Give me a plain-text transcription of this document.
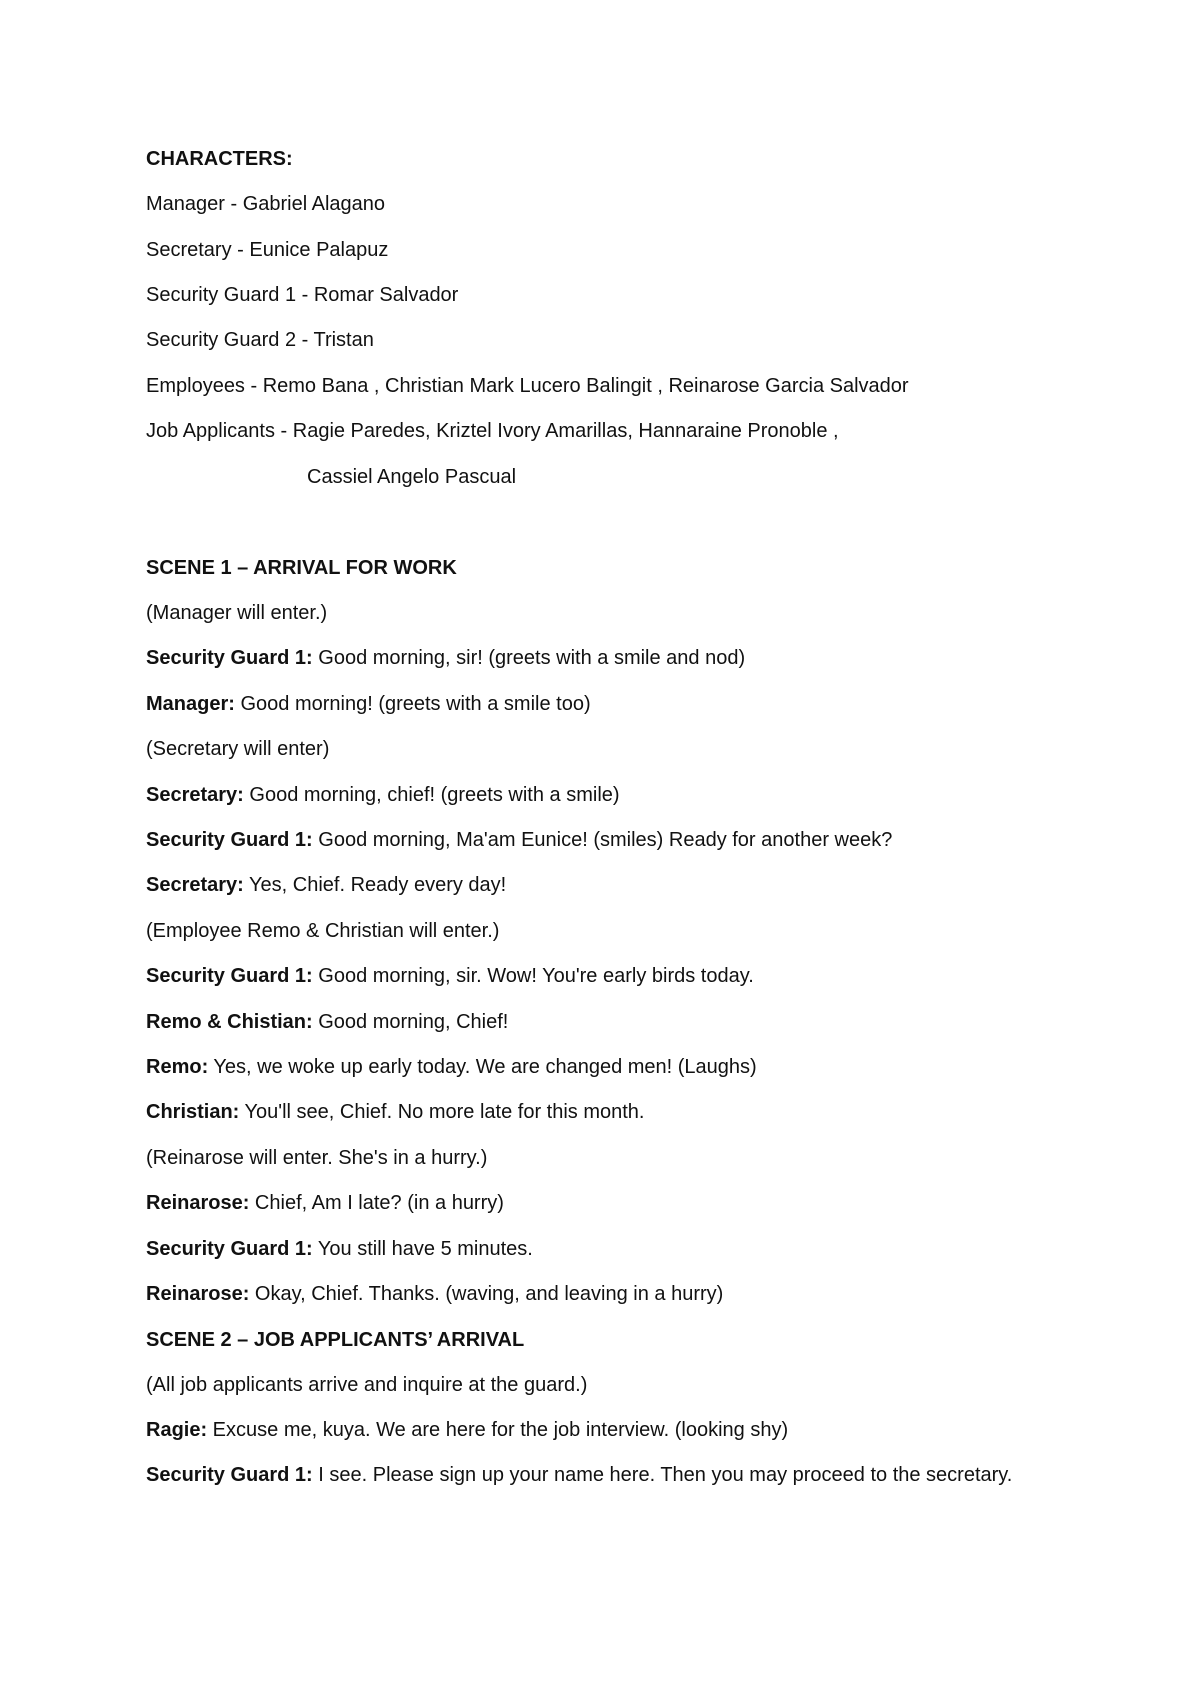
CHARACTERS:
Manager - Gabriel Alagano
Secretary - Eunice Palapuz
Security Guard 1 - Romar Salvador
Security Guard 2 - Tristan
Employees - Remo Bana , Christian Mark Lucero Balingit , Reinarose Garcia Salvador
Job Applicants - Ragie Paredes, Kriztel Ivory Amarillas, Hannaraine Pronoble ,
Cassiel Angelo Pascual
SCENE 1 – ARRIVAL FOR WORK
(Manager will enter.)
Security Guard 1: Good morning, sir! (greets with a smile and nod)
Manager: Good morning! (greets with a smile too)
(Secretary will enter)
Secretary: Good morning, chief! (greets with a smile)
Security Guard 1: Good morning, Ma'am Eunice! (smiles) Ready for another week?
Secretary: Yes, Chief. Ready every day!
(Employee Remo & Christian will enter.)
Security Guard 1: Good morning, sir. Wow! You're early birds today.
Remo & Chistian: Good morning, Chief!
Remo: Yes, we woke up early today. We are changed men! (Laughs)
Christian: You'll see, Chief. No more late for this month.
(Reinarose will enter. She's in a hurry.)
Reinarose: Chief, Am I late? (in a hurry)
Security Guard 1: You still have 5 minutes.
Reinarose: Okay, Chief. Thanks. (waving, and leaving in a hurry)
SCENE 2 – JOB APPLICANTS’ ARRIVAL
(All job applicants arrive and inquire at the guard.)
Ragie: Excuse me, kuya. We are here for the job interview. (looking shy)
Security Guard 1: I see. Please sign up your name here. Then you may proceed to the secretary.
